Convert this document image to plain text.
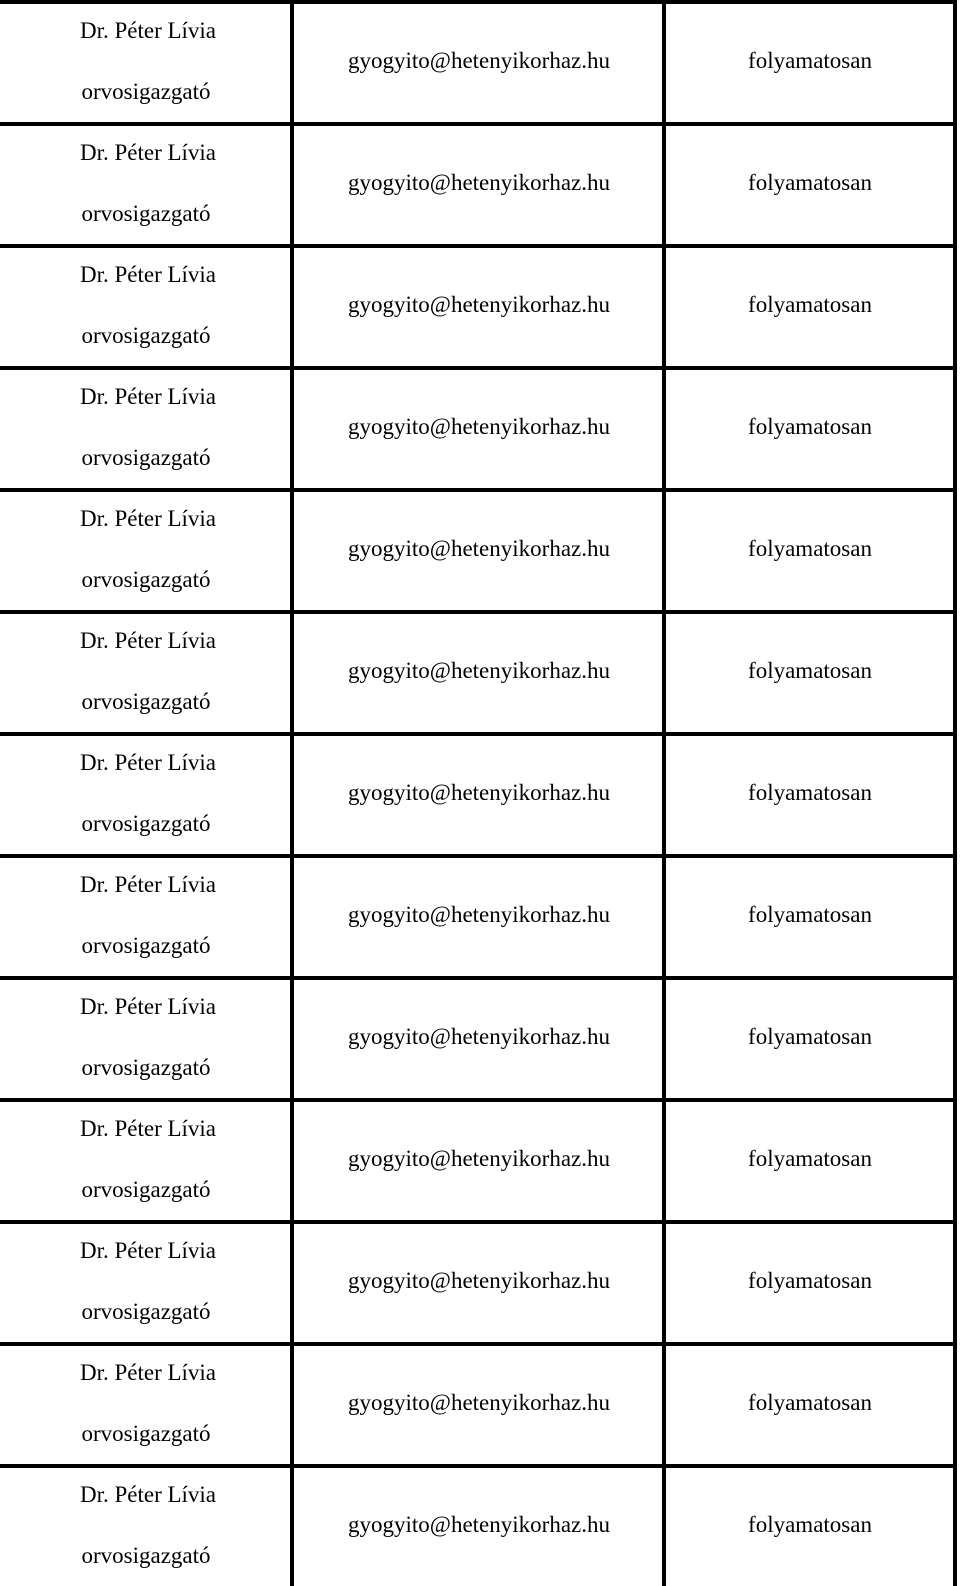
Dr. Péter Lívia
orvosigazgató
gyogyito@hetenyikorhaz.hu	folyamatosan
Dr. Péter Lívia
orvosigazgató
gyogyito@hetenyikorhaz.hu	folyamatosan
Dr. Péter Lívia
orvosigazgató
gyogyito@hetenyikorhaz.hu	folyamatosan
Dr. Péter Lívia
orvosigazgató
gyogyito@hetenyikorhaz.hu	folyamatosan
Dr. Péter Lívia
orvosigazgató
gyogyito@hetenyikorhaz.hu	folyamatosan
Dr. Péter Lívia
orvosigazgató
gyogyito@hetenyikorhaz.hu	folyamatosan
Dr. Péter Lívia
orvosigazgató
gyogyito@hetenyikorhaz.hu	folyamatosan
Dr. Péter Lívia
orvosigazgató
gyogyito@hetenyikorhaz.hu	folyamatosan
Dr. Péter Lívia
orvosigazgató
gyogyito@hetenyikorhaz.hu	folyamatosan
Dr. Péter Lívia
orvosigazgató
gyogyito@hetenyikorhaz.hu	folyamatosan
Dr. Péter Lívia
orvosigazgató
gyogyito@hetenyikorhaz.hu	folyamatosan
Dr. Péter Lívia
orvosigazgató
gyogyito@hetenyikorhaz.hu	folyamatosan
Dr. Péter Lívia
orvosigazgató
gyogyito@hetenyikorhaz.hu	folyamatosan
